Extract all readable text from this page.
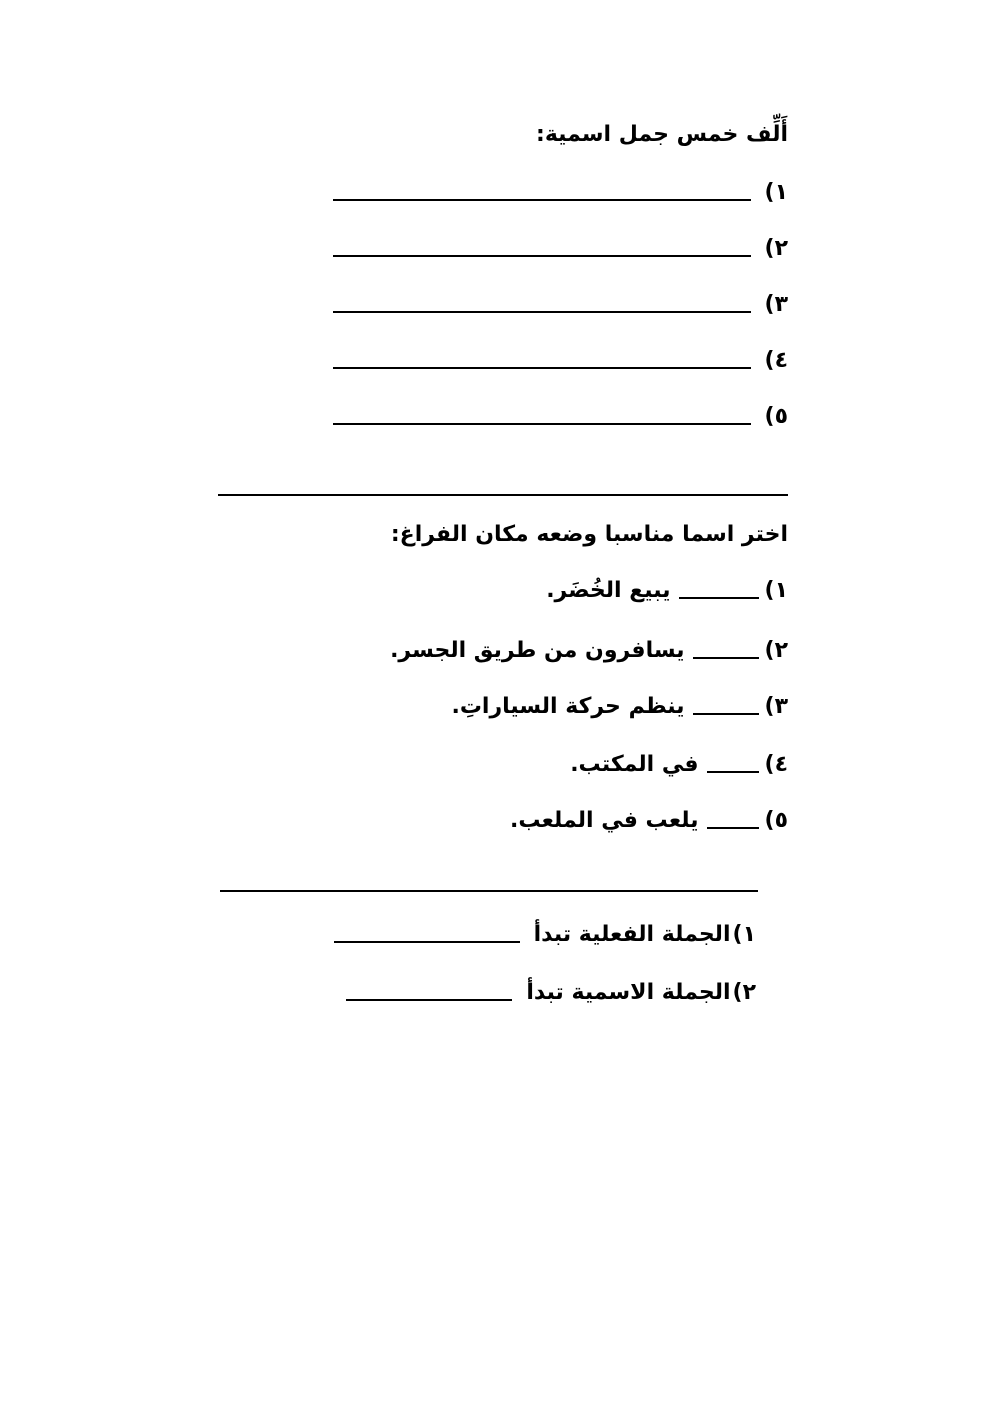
أَلِّف خمس جمل اسمية:
١)
٢)
٣)
٤)
٥)
اختر اسما مناسبا وضعه مكان الفراغ:
١)
يبيع الخُضَر.
٢)
يسافرون من طريق الجسر.
٣)
ينظم حركة السياراتِ.
٤)
في المكتب.
٥)
يلعب في الملعب.
١)
الجملة الفعلية تبدأ
٢)
الجملة الاسمية تبدأ
